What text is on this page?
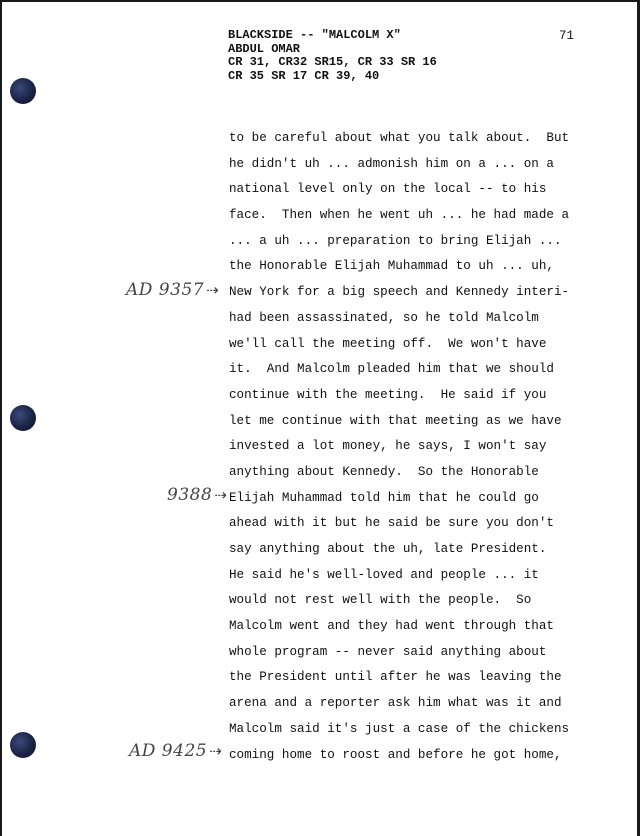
BLACKSIDE -- "MALCOLM X"
ABDUL OMAR
CR 31, CR32 SR15, CR 33 SR 16
CR 35 SR 17 CR 39, 40
71
to be careful about what you talk about.  But
he didn't uh ... admonish him on a ... on a
national level only on the local -- to his
face.  Then when he went uh ... he had made a
... a uh ... preparation to bring Elijah ...
the Honorable Elijah Muhammad to uh ... uh,
New York for a big speech and Kennedy interi-
had been assassinated, so he told Malcolm
we'll call the meeting off.  We won't have
it.  And Malcolm pleaded him that we should
continue with the meeting.  He said if you
let me continue with that meeting as we have
invested a lot money, he says, I won't say
anything about Kennedy.  So the Honorable
Elijah Muhammad told him that he could go
ahead with it but he said be sure you don't
say anything about the uh, late President.
He said he's well-loved and people ... it
would not rest well with the people.  So
Malcolm went and they had went through that
whole program -- never said anything about
the President until after he was leaving the
arena and a reporter ask him what was it and
Malcolm said it's just a case of the chickens
coming home to roost and before he got home,
AD 9357 ⇢
9388 ⇢
AD 9425 ⇢
